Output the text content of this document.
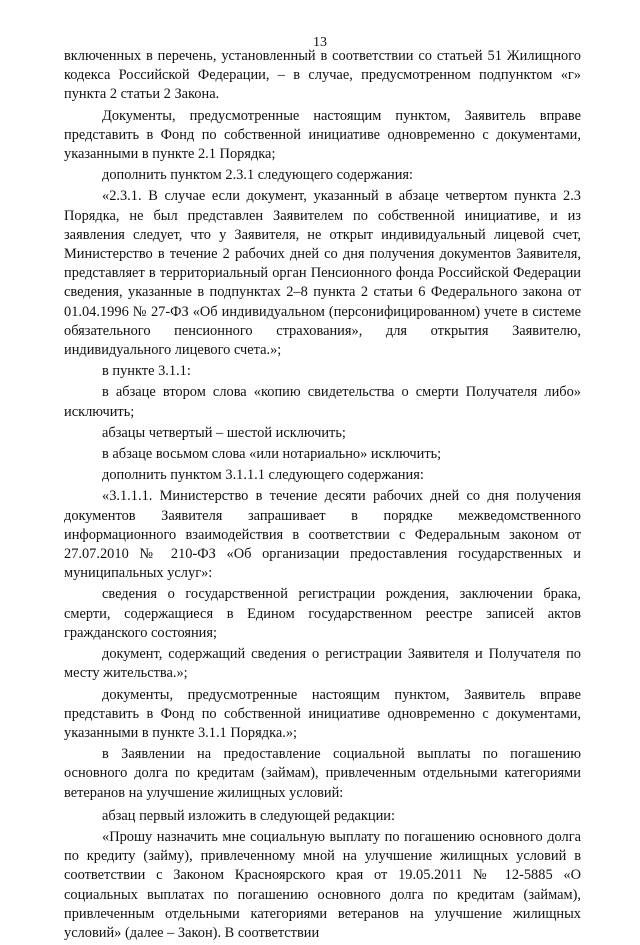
13

включенных в перечень, установленный в соответствии со статьей 51 Жилищного кодекса Российской Федерации, – в случае, предусмотренном подпунктом «г» пункта 2 статьи 2 Закона.

Документы, предусмотренные настоящим пунктом, Заявитель вправе представить в Фонд по собственной инициативе одновременно с документами, указанными в пункте 2.1 Порядка;

дополнить пунктом 2.3.1 следующего содержания:

«2.3.1. В случае если документ, указанный в абзаце четвертом пункта 2.3 Порядка, не был представлен Заявителем по собственной инициативе, и из заявления следует, что у Заявителя, не открыт индивидуальный лицевой счет, Министерство в течение 2 рабочих дней со дня получения документов Заявителя, представляет в территориальный орган Пенсионного фонда Российской Федерации сведения, указанные в подпунктах 2–8 пункта 2 статьи 6 Федерального закона от 01.04.1996 № 27-ФЗ «Об индивидуальном (персонифицированном) учете в системе обязательного пенсионного страхования», для открытия Заявителю, индивидуального лицевого счета.»;

в пункте 3.1.1:

в абзаце втором слова «копию свидетельства о смерти Получателя либо» исключить;

абзацы четвертый – шестой исключить;

в абзаце восьмом слова «или нотариально» исключить;

дополнить пунктом 3.1.1.1 следующего содержания:

«3.1.1.1. Министерство в течение десяти рабочих дней со дня получения документов Заявителя запрашивает в порядке межведомственного информационного взаимодействия в соответствии с Федеральным законом от 27.07.2010 № 210-ФЗ «Об организации предоставления государственных и муниципальных услуг»:

сведения о государственной регистрации рождения, заключении брака, смерти, содержащиеся в Едином государственном реестре записей актов гражданского состояния;

документ, содержащий сведения о регистрации Заявителя и Получателя по месту жительства.»;

документы, предусмотренные настоящим пунктом, Заявитель вправе представить в Фонд по собственной инициативе одновременно с документами, указанными в пункте 3.1.1 Порядка.»;

в Заявлении на предоставление социальной выплаты по погашению основного долга по кредитам (займам), привлеченным отдельными категориями ветеранов на улучшение жилищных условий:

абзац первый изложить в следующей редакции:

«Прошу назначить мне социальную выплату по погашению основного долга по кредиту (займу), привлеченному мной на улучшение жилищных условий в соответствии с Законом Красноярского края от 19.05.2011 № 12-5885 «О социальных выплатах по погашению основного долга по кредитам (займам), привлеченным отдельными категориями ветеранов на улучшение жилищных условий» (далее – Закон). В соответствии
